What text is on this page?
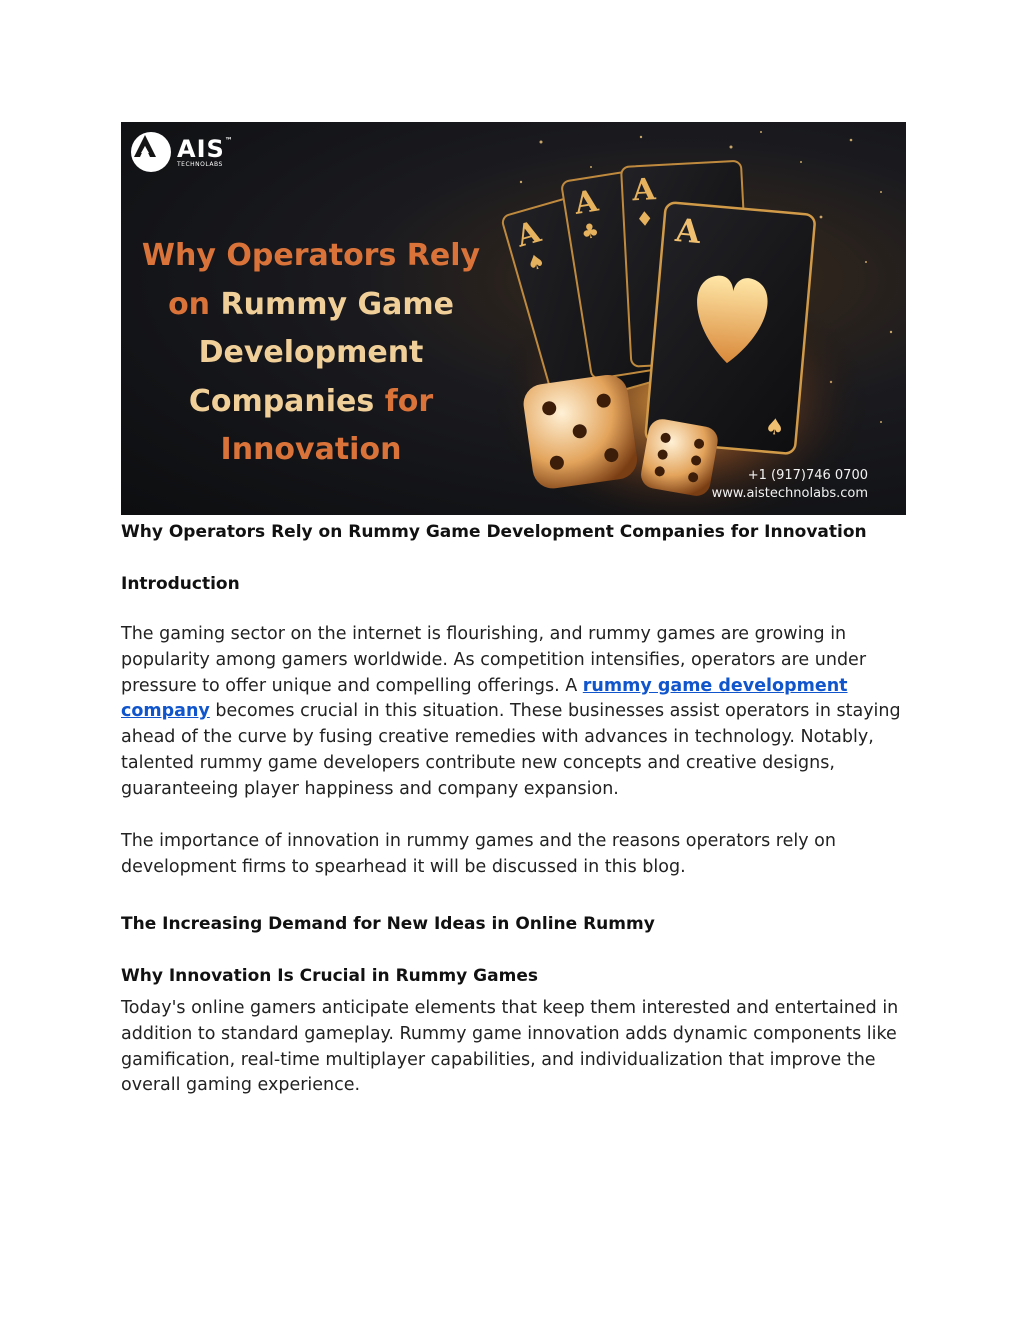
A
♠
A
♣
A
♦ A
♠
AIS™
TECHNOLABS
Why Operators Rely
on Rummy Game
Development
Companies for
Innovation
+1 (917)746 0700
www.aistechnolabs.com
Why Operators Rely on Rummy Game Development Companies for Innovation
Introduction
The gaming sector on the internet is flourishing, and rummy games are growing in popularity among gamers worldwide. As competition intensifies, operators are under pressure to offer unique and compelling offerings. A rummy game development company becomes crucial in this situation. These businesses assist operators in staying ahead of the curve by fusing creative remedies with advances in technology. Notably, talented rummy game developers contribute new concepts and creative designs, guaranteeing player happiness and company expansion.
The importance of innovation in rummy games and the reasons operators rely on development firms to spearhead it will be discussed in this blog.
The Increasing Demand for New Ideas in Online Rummy
Why Innovation Is Crucial in Rummy Games
Today's online gamers anticipate elements that keep them interested and entertained in addition to standard gameplay. Rummy game innovation adds dynamic components like gamification, real-time multiplayer capabilities, and individualization that improve the overall gaming experience.
